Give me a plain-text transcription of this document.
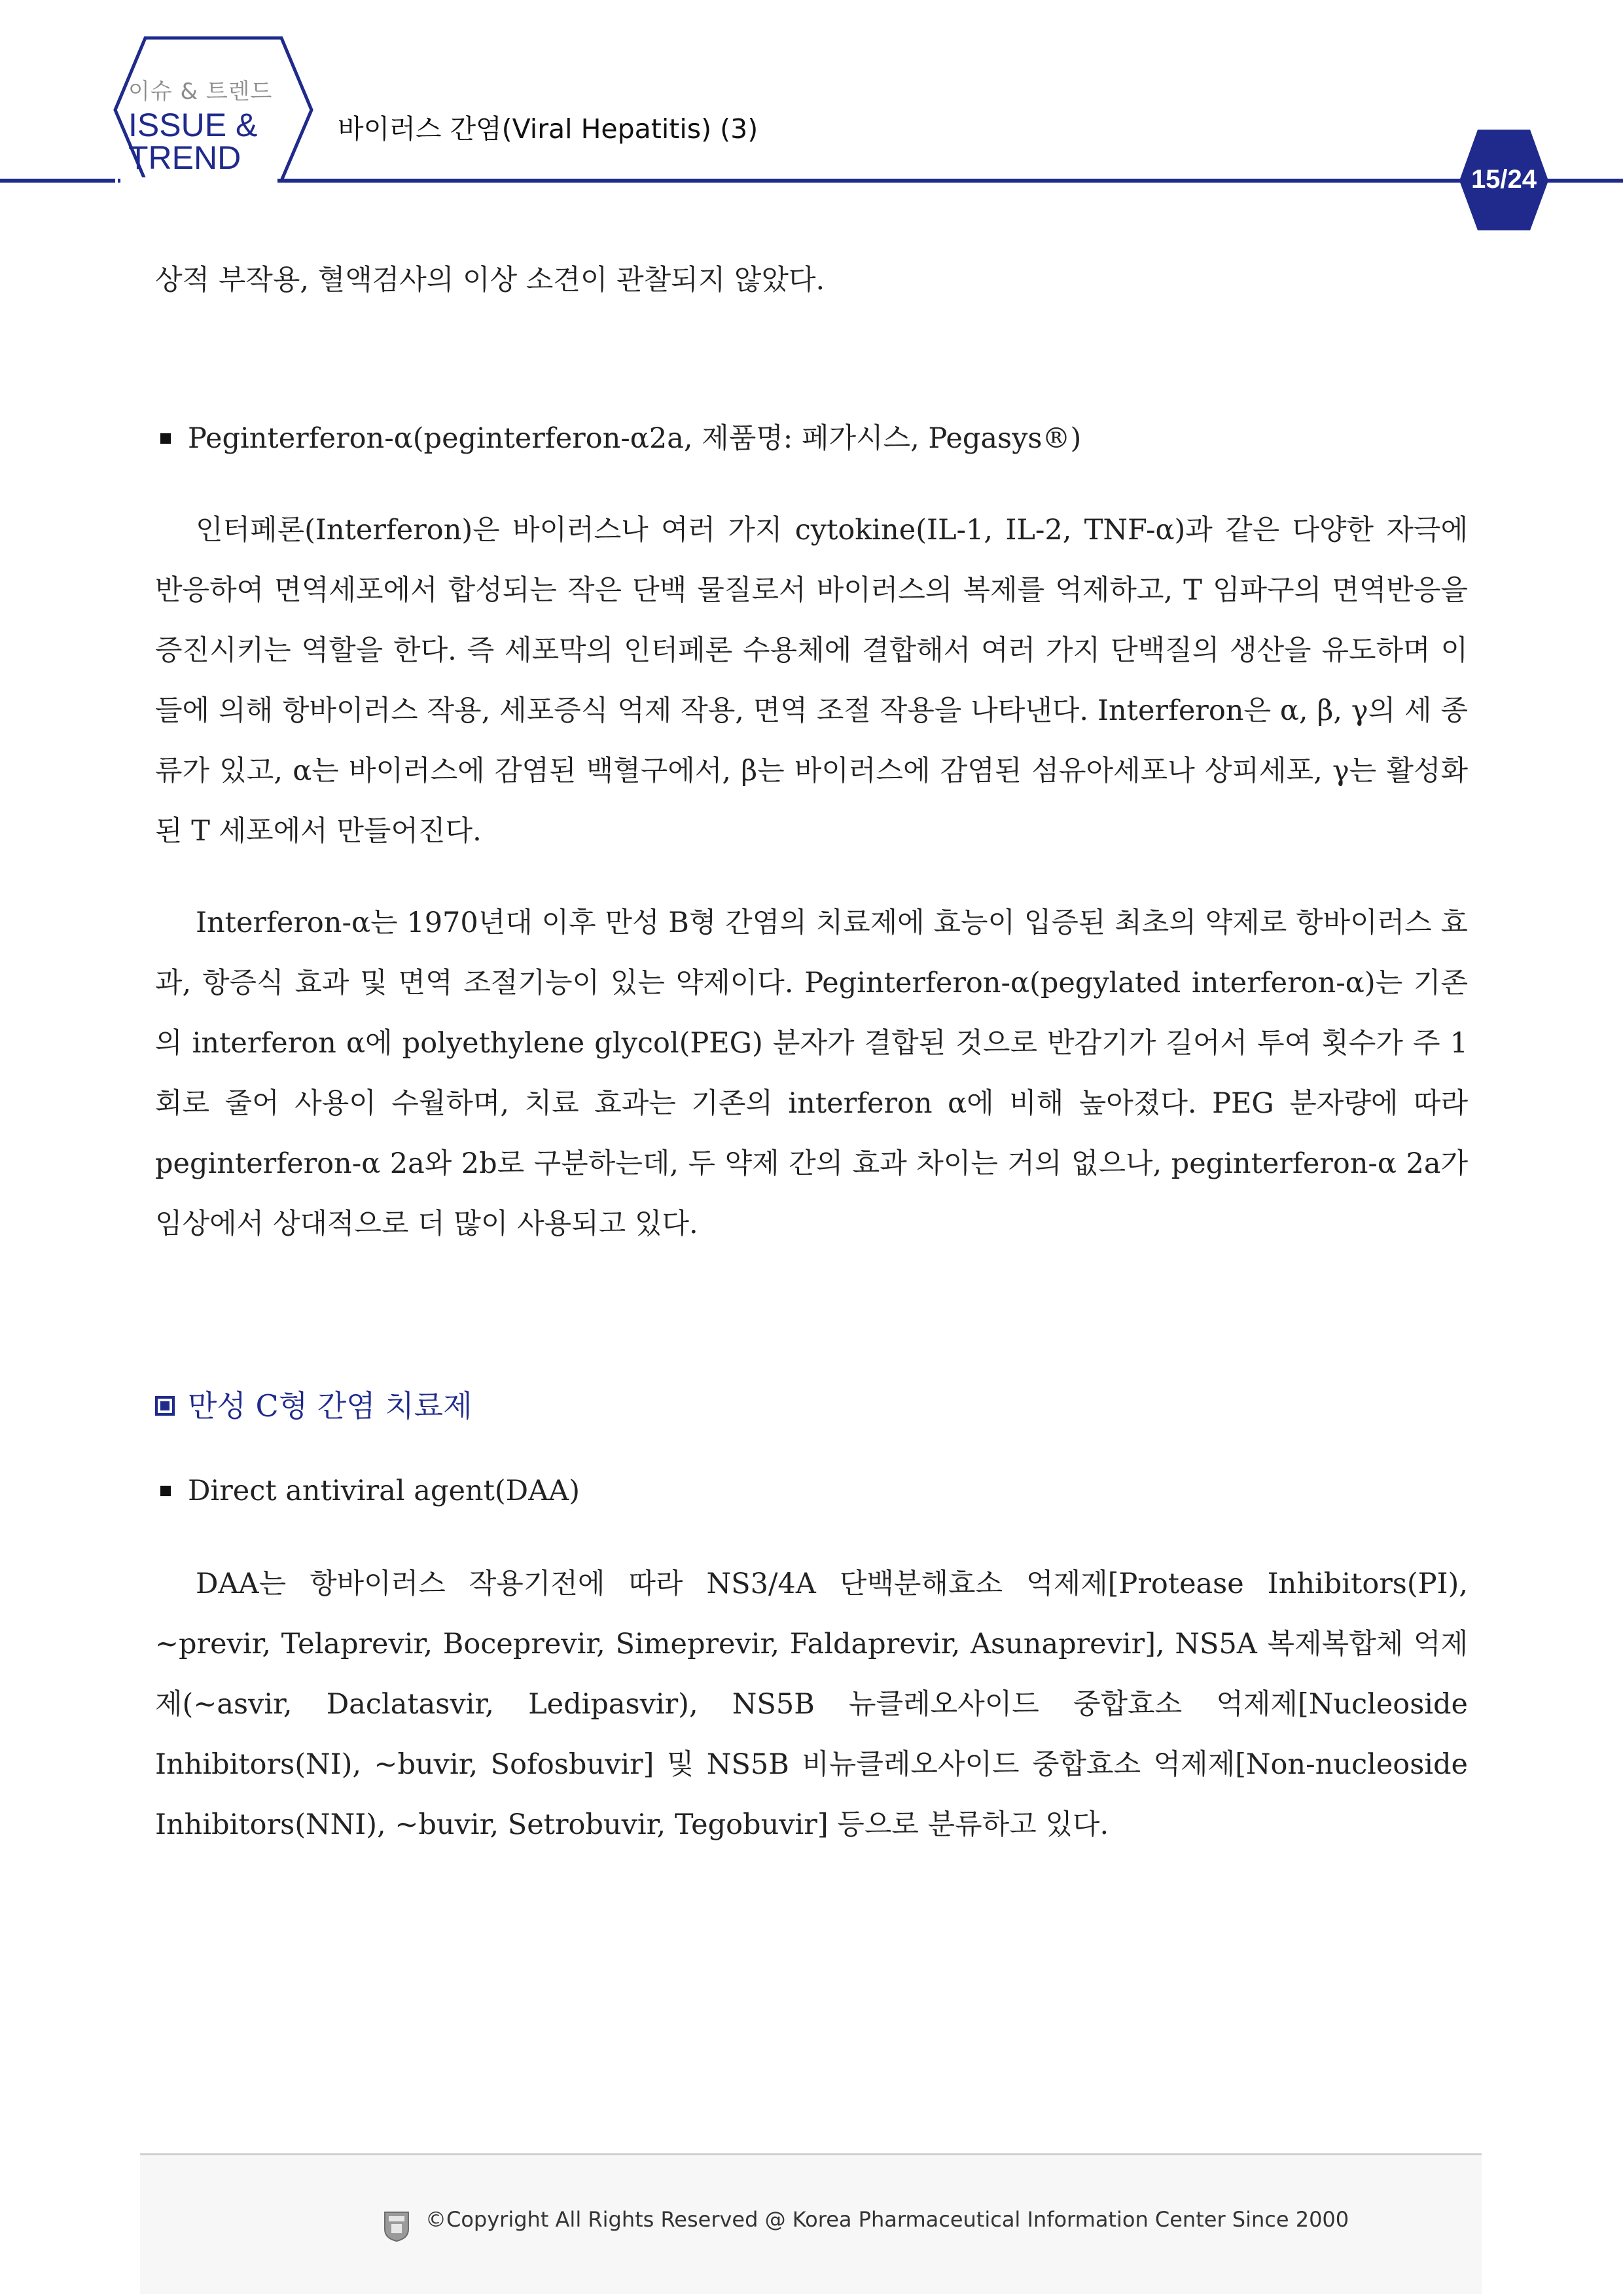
이슈 & 트렌드
ISSUE &
TREND
바이러스 간염(Viral Hepatitis) (3)
15/24

상적 부작용, 혈액검사의 이상 소견이 관찰되지 않았다.

Peginterferon-α(peginterferon-α2a, 제품명: 페가시스, Pegasys®)

인터페론(Interferon)은 바이러스나 여러 가지 cytokine(IL-1, IL-2, TNF-α)과 같은 다양한 자극에 반응하여 면역세포에서 합성되는 작은 단백 물질로서 바이러스의 복제를 억제하고, T 임파구의 면역반응을 증진시키는 역할을 한다. 즉 세포막의 인터페론 수용체에 결합해서 여러 가지 단백질의 생산을 유도하며 이들에 의해 항바이러스 작용, 세포증식 억제 작용, 면역 조절 작용을 나타낸다. Interferon은 α, β, γ의 세 종류가 있고, α는 바이러스에 감염된 백혈구에서, β는 바이러스에 감염된 섬유아세포나 상피세포, γ는 활성화된 T 세포에서 만들어진다.

Interferon-α는 1970년대 이후 만성 B형 간염의 치료제에 효능이 입증된 최초의 약제로 항바이러스 효과, 항증식 효과 및 면역 조절기능이 있는 약제이다. Peginterferon-α(pegylated interferon-α)는 기존의 interferon α에 polyethylene glycol(PEG) 분자가 결합된 것으로 반감기가 길어서 투여 횟수가 주 1회로 줄어 사용이 수월하며, 치료 효과는 기존의 interferon α에 비해 높아졌다. PEG 분자량에 따라 peginterferon-α 2a와 2b로 구분하는데, 두 약제 간의 효과 차이는 거의 없으나, peginterferon-α 2a가 임상에서 상대적으로 더 많이 사용되고 있다.

만성 C형 간염 치료제
Direct antiviral agent(DAA)

DAA는 항바이러스 작용기전에 따라 NS3/4A 단백분해효소 억제제[Protease Inhibitors(PI), ~previr, Telaprevir, Boceprevir, Simeprevir, Faldaprevir, Asunaprevir], NS5A 복제복합체 억제제(~asvir, Daclatasvir, Ledipasvir), NS5B 뉴클레오사이드 중합효소 억제제[Nucleoside Inhibitors(NI), ~buvir, Sofosbuvir] 및 NS5B 비뉴클레오사이드 중합효소 억제제[Non-nucleoside Inhibitors(NNI), ~buvir, Setrobuvir, Tegobuvir] 등으로 분류하고 있다.

©Copyright All Rights Reserved @ Korea Pharmaceutical Information Center Since 2000
